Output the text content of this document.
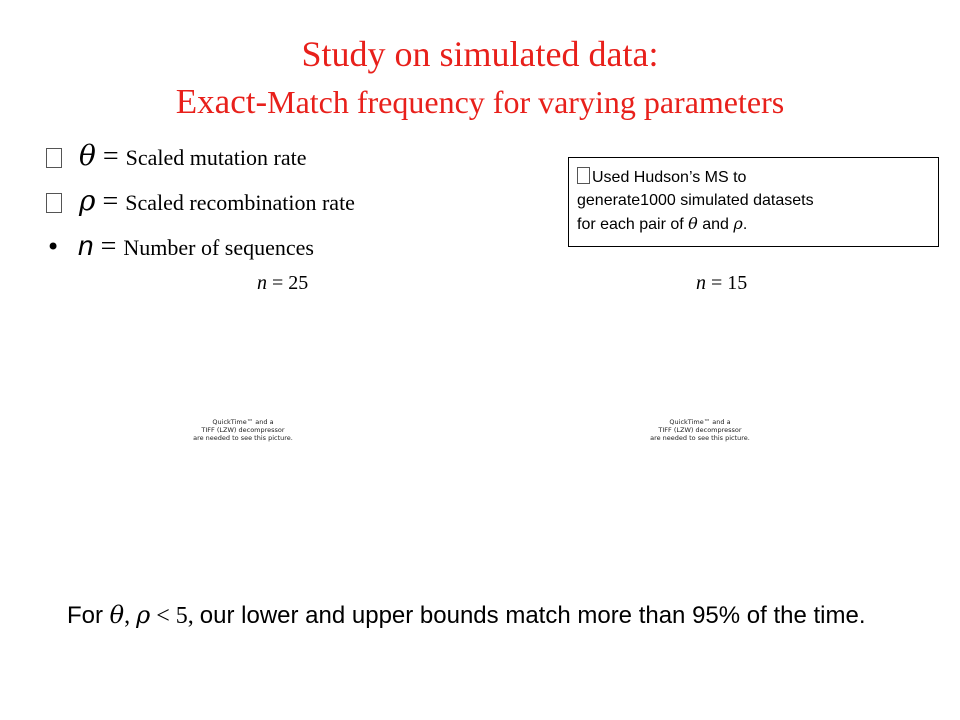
Study on simulated data:
Exact-Match frequency for varying parameters
θ = Scaled mutation rate
ρ = Scaled recombination rate
• n = Number of sequences
Used Hudson’s MS to
generate1000 simulated datasets
for each pair of θ and ρ.
n = 25	n = 15
QuickTime™ and a
TIFF (LZW) decompressor
are needed to see this picture.
QuickTime™ and a
TIFF (LZW) decompressor
are needed to see this picture.
For θ, ρ < 5, our lower and upper bounds match more than 95% of the time.
